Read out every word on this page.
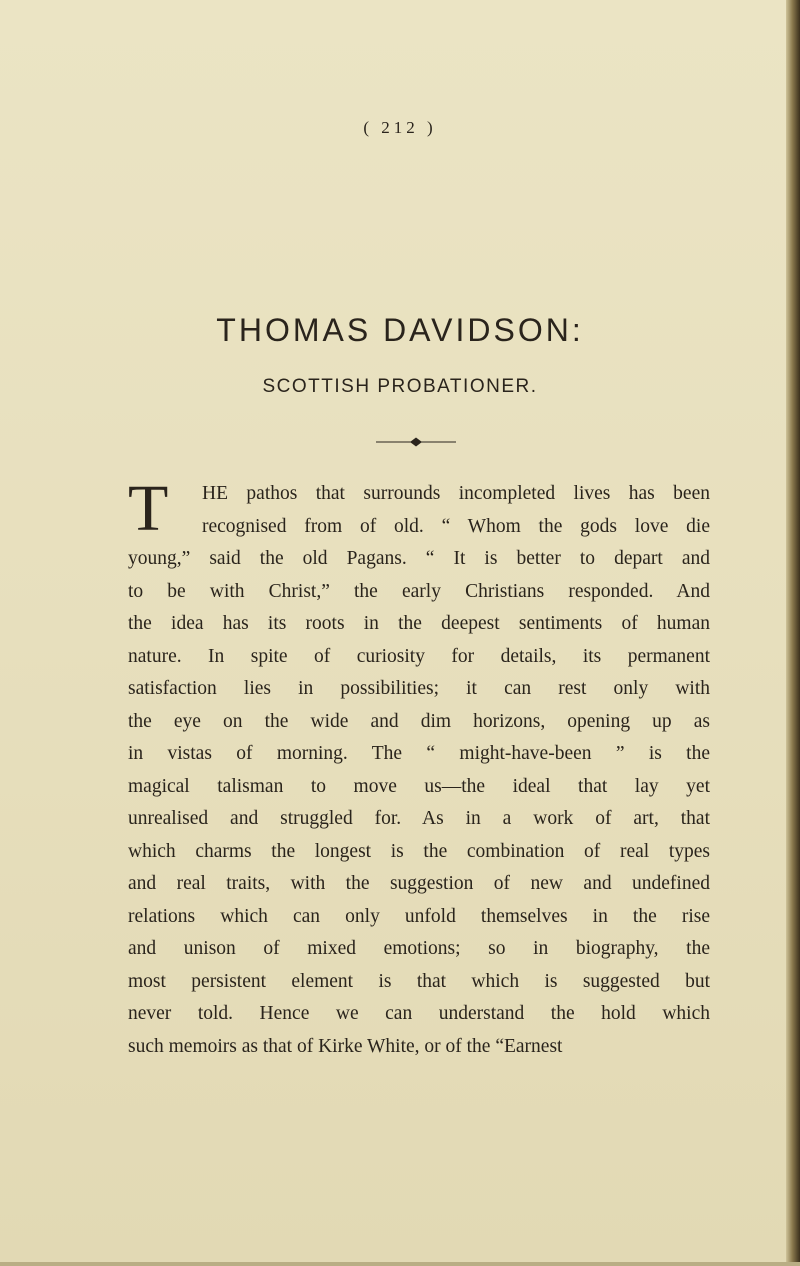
( 212 )
THOMAS DAVIDSON:
SCOTTISH PROBATIONER.
T	HE pathos that surrounds incompleted lives has been
recognised from of old. “ Whom the gods love die
young,” said the old Pagans. “ It is better to depart and
to be with Christ,” the early Christians responded. And
the idea has its roots in the deepest sentiments of human
nature. In spite of curiosity for details, its permanent
satisfaction lies in possibilities; it can rest only with
the eye on the wide and dim horizons, opening up as
in vistas of morning. The “ might-have-been ” is the
magical talisman to move us—the ideal that lay yet
unrealised and struggled for. As in a work of art, that
which charms the longest is the combination of real types
and real traits, with the suggestion of new and undefined
relations which can only unfold themselves in the rise
and unison of mixed emotions; so in biography, the
most persistent element is that which is suggested but
never told. Hence we can understand the hold which
such memoirs as that of Kirke White, or of the “Earnest
